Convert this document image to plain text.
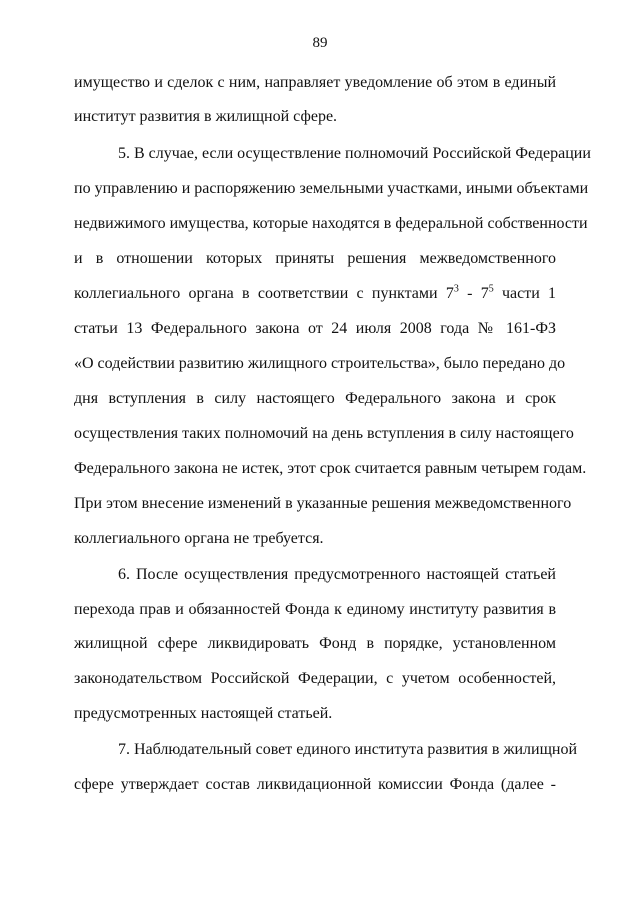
89
имущество и сделок с ним, направляет уведомление об этом в единый
институт развития в жилищной сфере.
5. В случае, если осуществление полномочий Российской Федерации
по управлению и распоряжению земельными участками, иными объектами
недвижимого имущества, которые находятся в федеральной собственности
и в отношении которых приняты решения межведомственного
коллегиального органа в соответствии с пунктами $7^3 - 7^5$ части 1
статьи 13 Федерального закона от 24 июля 2008 года № 161-ФЗ
«О содействии развитию жилищного строительства», было передано до
дня вступления в силу настоящего Федерального закона и срок
осуществления таких полномочий на день вступления в силу настоящего
Федерального закона не истек, этот срок считается равным четырем годам.
При этом внесение изменений в указанные решения межведомственного
коллегиального органа не требуется.
6. После осуществления предусмотренного настоящей статьей
перехода прав и обязанностей Фонда к единому институту развития в
жилищной сфере ликвидировать Фонд в порядке, установленном
законодательством Российской Федерации, с учетом особенностей,
предусмотренных настоящей статьей.
7. Наблюдательный совет единого института развития в жилищной
сфере утверждает состав ликвидационной комиссии Фонда (далее -
